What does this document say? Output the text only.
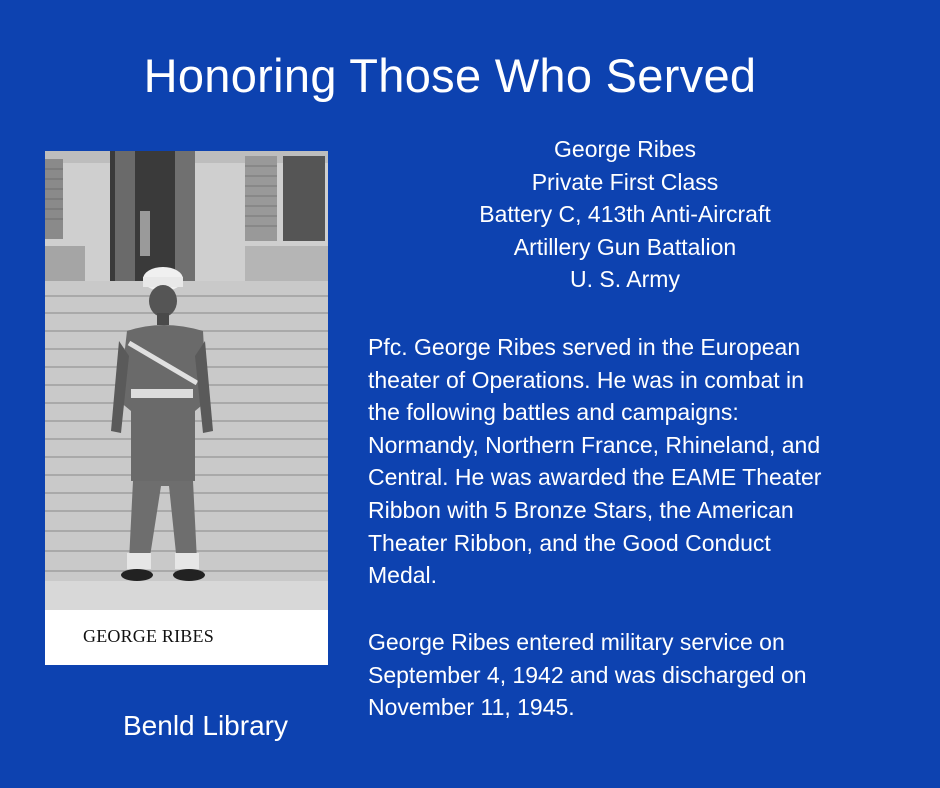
Honoring Those Who Served
GEORGE RIBES
Benld Library
George Ribes
Private First Class
Battery C, 413th Anti-Aircraft
Artillery Gun Battalion
U. S. Army
Pfc. George Ribes served in the European
theater of Operations. He was in combat in
the following battles and campaigns:
Normandy, Northern France, Rhineland, and
Central. He was awarded the EAME Theater
Ribbon with 5 Bronze Stars, the American
Theater Ribbon, and the Good Conduct
Medal.
George Ribes entered military service on
September 4, 1942 and was discharged on
November 11, 1945.
